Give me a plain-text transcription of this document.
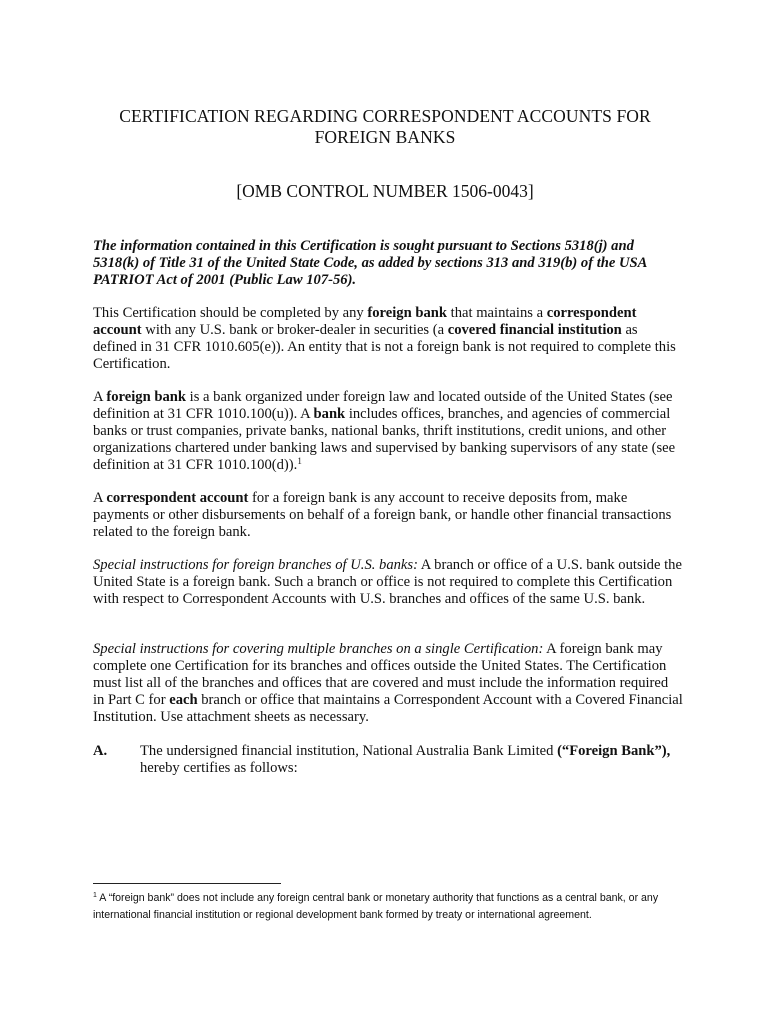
CERTIFICATION REGARDING CORRESPONDENT ACCOUNTS FOR
FOREIGN BANKS
[OMB CONTROL NUMBER 1506-0043]

The information contained in this Certification is sought pursuant to Sections 5318(j) and 5318(k) of Title 31 of the United State Code, as added by sections 313 and 319(b) of the USA PATRIOT Act of 2001 (Public Law 107-56).

This Certification should be completed by any foreign bank that maintains a correspondent account with any U.S. bank or broker-dealer in securities (a covered financial institution as defined in 31 CFR 1010.605(e)). An entity that is not a foreign bank is not required to complete this Certification.

A foreign bank is a bank organized under foreign law and located outside of the United States (see definition at 31 CFR 1010.100(u)). A bank includes offices, branches, and agencies of commercial banks or trust companies, private banks, national banks, thrift institutions, credit unions, and other organizations chartered under banking laws and supervised by banking supervisors of any state (see definition at 31 CFR 1010.100(d)).$^1$

A correspondent account for a foreign bank is any account to receive deposits from, make payments or other disbursements on behalf of a foreign bank, or handle other financial transactions related to the foreign bank.

Special instructions for foreign branches of U.S. banks: A branch or office of a U.S. bank outside the United State is a foreign bank. Such a branch or office is not required to complete this Certification with respect to Correspondent Accounts with U.S. branches and offices of the same U.S. bank.

Special instructions for covering multiple branches on a single Certification: A foreign bank may complete one Certification for its branches and offices outside the United States. The Certification must list all of the branches and offices that are covered and must include the information required in Part C for each branch or office that maintains a Correspondent Account with a Covered Financial Institution. Use attachment sheets as necessary.

A. The undersigned financial institution, National Australia Bank Limited (“Foreign Bank”), hereby certifies as follows:
$^1$ A “foreign bank” does not include any foreign central bank or monetary authority that functions as a central bank, or any international financial institution or regional development bank formed by treaty or international agreement.
